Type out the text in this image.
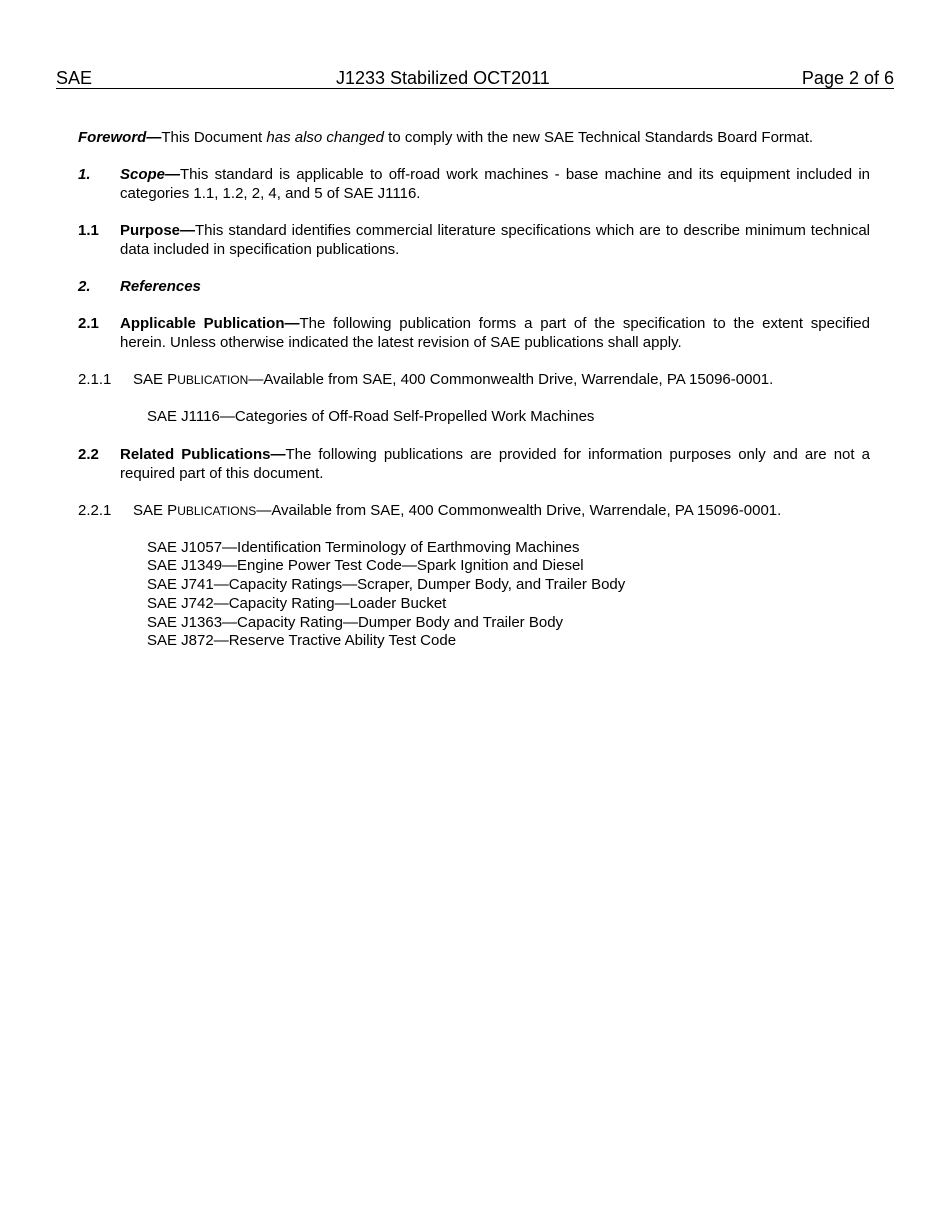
SAE	J1233 Stabilized OCT2011	Page 2 of 6

Foreword—This Document has also changed to comply with the new SAE Technical Standards Board Format.

1. Scope—This standard is applicable to off-road work machines - base machine and its equipment included in categories 1.1, 1.2, 2, 4, and 5 of SAE J1116.
1.1 Purpose—This standard identifies commercial literature specifications which are to describe minimum technical data included in specification publications.
2. References
2.1 Applicable Publication—The following publication forms a part of the specification to the extent specified herein. Unless otherwise indicated the latest revision of SAE publications shall apply.
2.1.1 SAE PUBLICATION—Available from SAE, 400 Commonwealth Drive, Warrendale, PA 15096-0001.
SAE J1116—Categories of Off-Road Self-Propelled Work Machines
2.2 Related Publications—The following publications are provided for information purposes only and are not a required part of this document.
2.2.1 SAE PUBLICATIONS—Available from SAE, 400 Commonwealth Drive, Warrendale, PA 15096-0001.
SAE J1057—Identification Terminology of Earthmoving Machines
SAE J1349—Engine Power Test Code—Spark Ignition and Diesel
SAE J741—Capacity Ratings—Scraper, Dumper Body, and Trailer Body
SAE J742—Capacity Rating—Loader Bucket
SAE J1363—Capacity Rating—Dumper Body and Trailer Body
SAE J872—Reserve Tractive Ability Test Code
